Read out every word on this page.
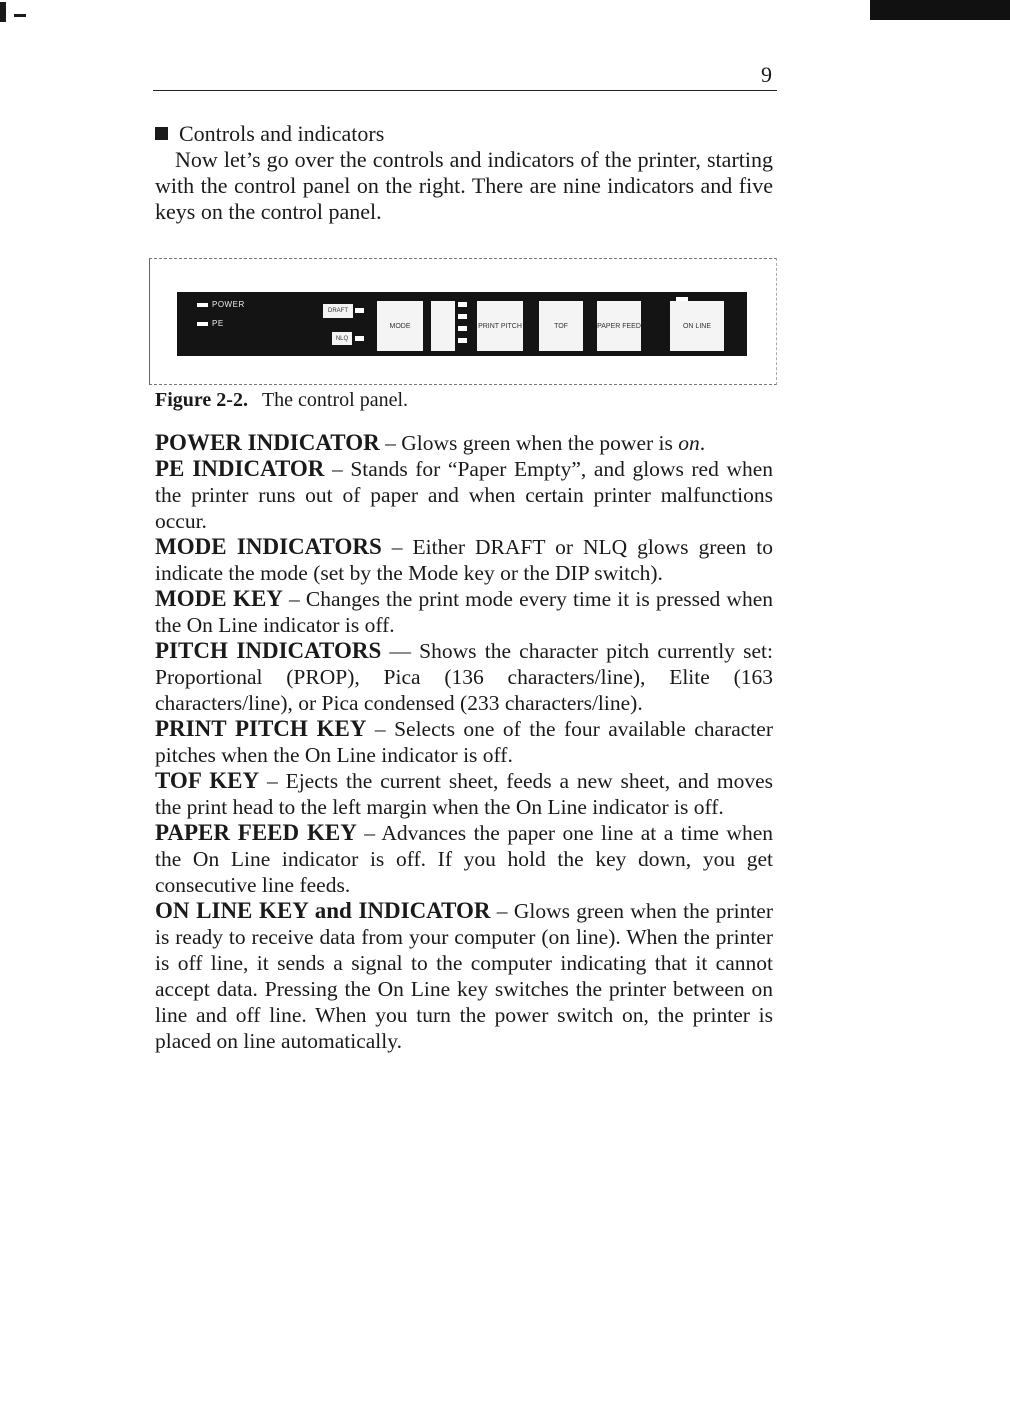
9
Controls and indicators

Now let’s go over the controls and indicators of the printer, starting with the control panel on the right. There are nine indicators and five keys on the control panel.

POWER
PE
DRAFT
NLQ
MODE	PRINT PITCH	TOF	PAPER FEED	ON LINE
Figure 2-2. The control panel.

POWER INDICATOR – Glows green when the power is on.

PE INDICATOR – Stands for “Paper Empty”, and glows red when the printer runs out of paper and when certain printer malfunctions occur.

MODE INDICATORS – Either DRAFT or NLQ glows green to indicate the mode (set by the Mode key or the DIP switch).

MODE KEY – Changes the print mode every time it is pressed when the On Line indicator is off.

PITCH INDICATORS — Shows the character pitch currently set: Proportional (PROP), Pica (136 characters/line), Elite (163 characters/line), or Pica condensed (233 characters/line).

PRINT PITCH KEY – Selects one of the four available character pitches when the On Line indicator is off.

TOF KEY – Ejects the current sheet, feeds a new sheet, and moves the print head to the left margin when the On Line indicator is off.

PAPER FEED KEY – Advances the paper one line at a time when the On Line indicator is off. If you hold the key down, you get consecutive line feeds.

ON LINE KEY and INDICATOR – Glows green when the printer is ready to receive data from your computer (on line). When the printer is off line, it sends a signal to the computer indicating that it cannot accept data. Pressing the On Line key switches the printer between on line and off line. When you turn the power switch on, the printer is placed on line automatically.
